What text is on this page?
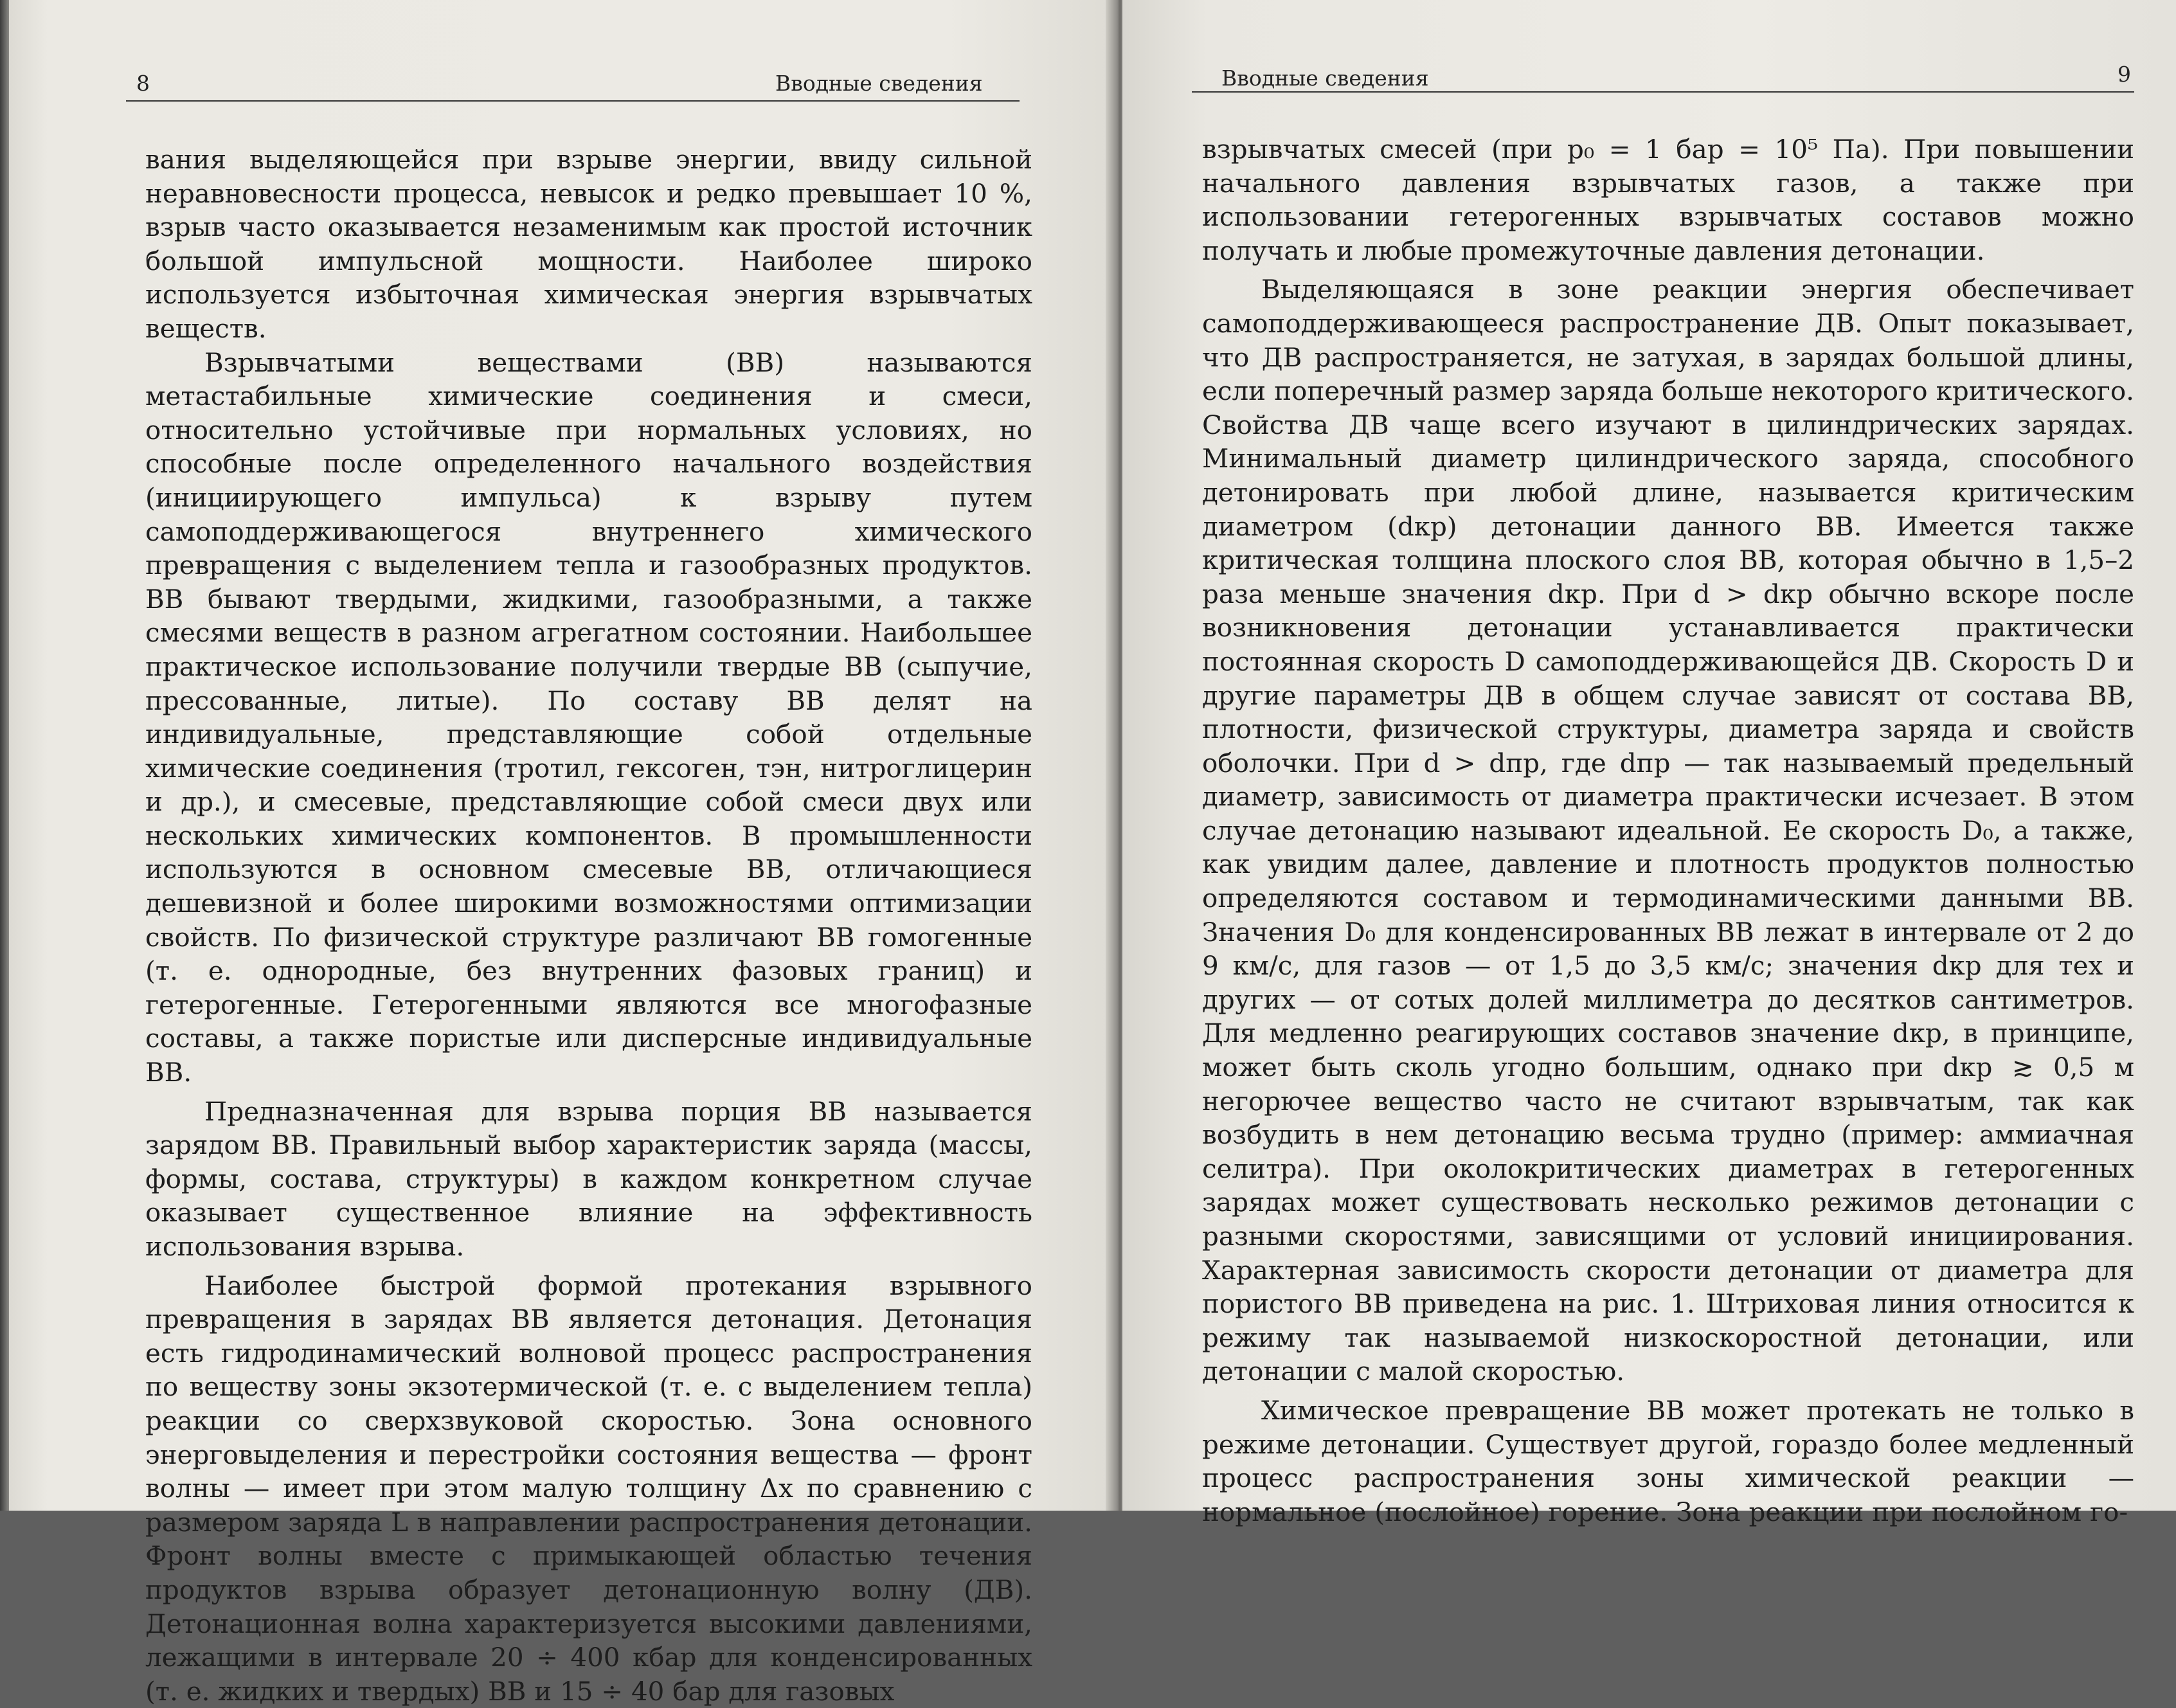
8	Вводные сведения

вания выделяющейся при взрыве энергии, ввиду сильной неравновесности процесса, невысок и редко превышает 10 %, взрыв часто оказывается незаменимым как простой источник большой импульсной мощности. Наиболее широко используется избыточная химическая энергия взрывчатых веществ.

Взрывчатыми веществами (ВВ) называются метастабильные химические соединения и смеси, относительно устойчивые при нормальных условиях, но способные после определенного начального воздействия (инициирующего импульса) к взрыву путем самоподдерживающегося внутреннего химического превращения с выделением тепла и газообразных продуктов. ВВ бывают твердыми, жидкими, газообразными, а также смесями веществ в разном агрегатном состоянии. Наибольшее практическое использование получили твердые ВВ (сыпучие, прессованные, литые). По составу ВВ делят на индивидуальные, представляющие собой отдельные химические соединения (тротил, гексоген, тэн, нитроглицерин и др.), и смесевые, представляющие собой смеси двух или нескольких химических компонентов. В промышленности используются в основном смесевые ВВ, отличающиеся дешевизной и более широкими возможностями оптимизации свойств. По физической структуре различают ВВ гомогенные (т. е. однородные, без внутренних фазовых границ) и гетерогенные. Гетерогенными являются все многофазные составы, а также пористые или дисперсные индивидуальные ВВ.

Предназначенная для взрыва порция ВВ называется зарядом ВВ. Правильный выбор характеристик заряда (массы, формы, состава, структуры) в каждом конкретном случае оказывает существенное влияние на эффективность использования взрыва.

Наиболее быстрой формой протекания взрывного превращения в зарядах ВВ является детонация. Детонация есть гидродинамический волновой процесс распространения по веществу зоны экзотермической (т. е. с выделением тепла) реакции со сверхзвуковой скоростью. Зона основного энерговыделения и перестройки состояния вещества — фронт волны — имеет при этом малую толщину Δx по сравнению с размером заряда L в направлении распространения детонации. Фронт волны вместе с примыкающей областью течения продуктов взрыва образует детонационную волну (ДВ). Детонационная волна характеризуется высокими давлениями, лежащими в интервале 20 ÷ 400 кбар для конденсированных (т. е. жидких и твердых) ВВ и 15 ÷ 40 бар для газовых

Вводные сведения	9

взрывчатых смесей (при p₀ = 1 бар = 10⁵ Па). При повышении начального давления взрывчатых газов, а также при использовании гетерогенных взрывчатых составов можно получать и любые промежуточные давления детонации.

Выделяющаяся в зоне реакции энергия обеспечивает самоподдерживающееся распространение ДВ. Опыт показывает, что ДВ распространяется, не затухая, в зарядах большой длины, если поперечный размер заряда больше некоторого критического. Свойства ДВ чаще всего изучают в цилиндрических зарядах. Минимальный диаметр цилиндрического заряда, способного детонировать при любой длине, называется критическим диаметром (dкр) детонации данного ВВ. Имеется также критическая толщина плоского слоя ВВ, которая обычно в 1,5–2 раза меньше значения dкр. При d > dкр обычно вскоре после возникновения детонации устанавливается практически постоянная скорость D самоподдерживающейся ДВ. Скорость D и другие параметры ДВ в общем случае зависят от состава ВВ, плотности, физической структуры, диаметра заряда и свойств оболочки. При d > dпр, где dпр — так называемый предельный диаметр, зависимость от диаметра практически исчезает. В этом случае детонацию называют идеальной. Ее скорость D₀, а также, как увидим далее, давление и плотность продуктов полностью определяются составом и термодинамическими данными ВВ. Значения D₀ для конденсированных ВВ лежат в интервале от 2 до 9 км/с, для газов — от 1,5 до 3,5 км/с; значения dкр для тех и других — от сотых долей миллиметра до десятков сантиметров. Для медленно реагирующих составов значение dкр, в принципе, может быть сколь угодно большим, однако при dкр ≳ 0,5 м негорючее вещество часто не считают взрывчатым, так как возбудить в нем детонацию весьма трудно (пример: аммиачная селитра). При околокритических диаметрах в гетерогенных зарядах может существовать несколько режимов детонации с разными скоростями, зависящими от условий инициирования. Характерная зависимость скорости детонации от диаметра для пористого ВВ приведена на рис. 1. Штриховая линия относится к режиму так называемой низкоскоростной детонации, или детонации с малой скоростью.

Химическое превращение ВВ может протекать не только в режиме детонации. Существует другой, гораздо более медленный процесс распространения зоны химической реакции — нормальное (послойное) горение. Зона реакции при послойном го-
